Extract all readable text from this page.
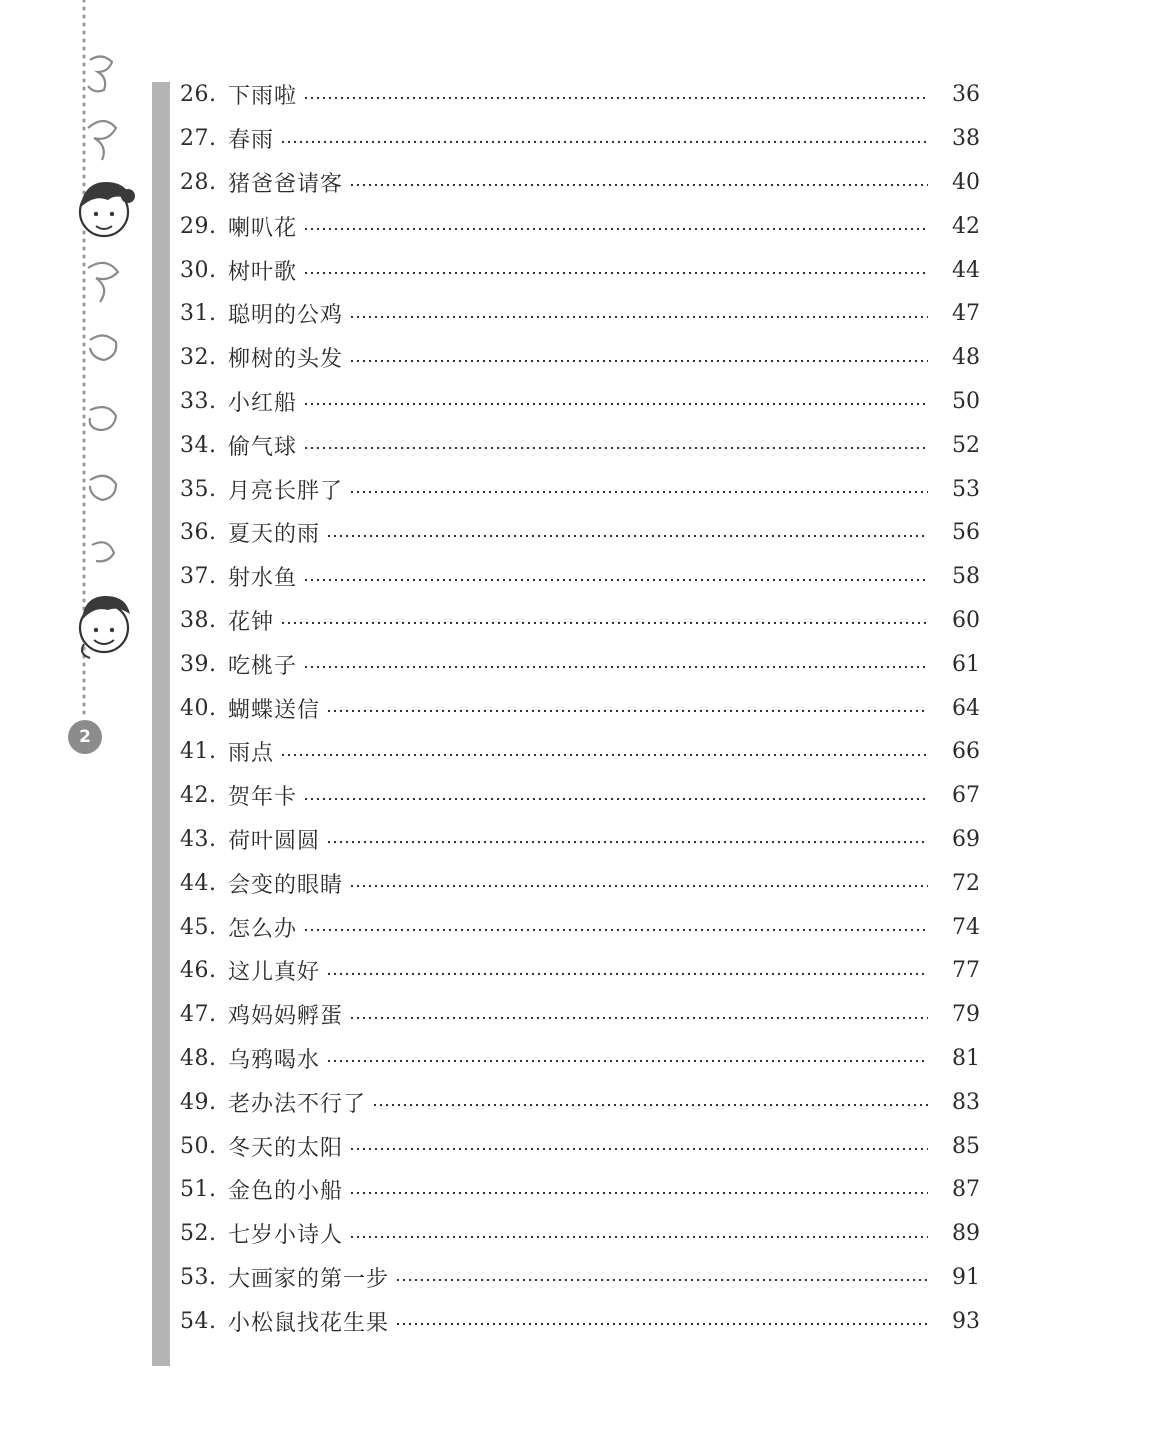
2
26. 下雨啦	36
27. 春雨	38
28. 猪爸爸请客	40
29. 喇叭花	42
30. 树叶歌	44
31. 聪明的公鸡	47
32. 柳树的头发	48
33. 小红船	50
34. 偷气球	52
35. 月亮长胖了	53
36. 夏天的雨	56
37. 射水鱼	58
38. 花钟	60
39. 吃桃子	61
40. 蝴蝶送信	64
41. 雨点	66
42. 贺年卡	67
43. 荷叶圆圆	69
44. 会变的眼睛	72
45. 怎么办	74
46. 这儿真好	77
47. 鸡妈妈孵蛋	79
48. 乌鸦喝水	81
49. 老办法不行了	83
50. 冬天的太阳	85
51. 金色的小船	87
52. 七岁小诗人	89
53. 大画家的第一步	91
54. 小松鼠找花生果	93
